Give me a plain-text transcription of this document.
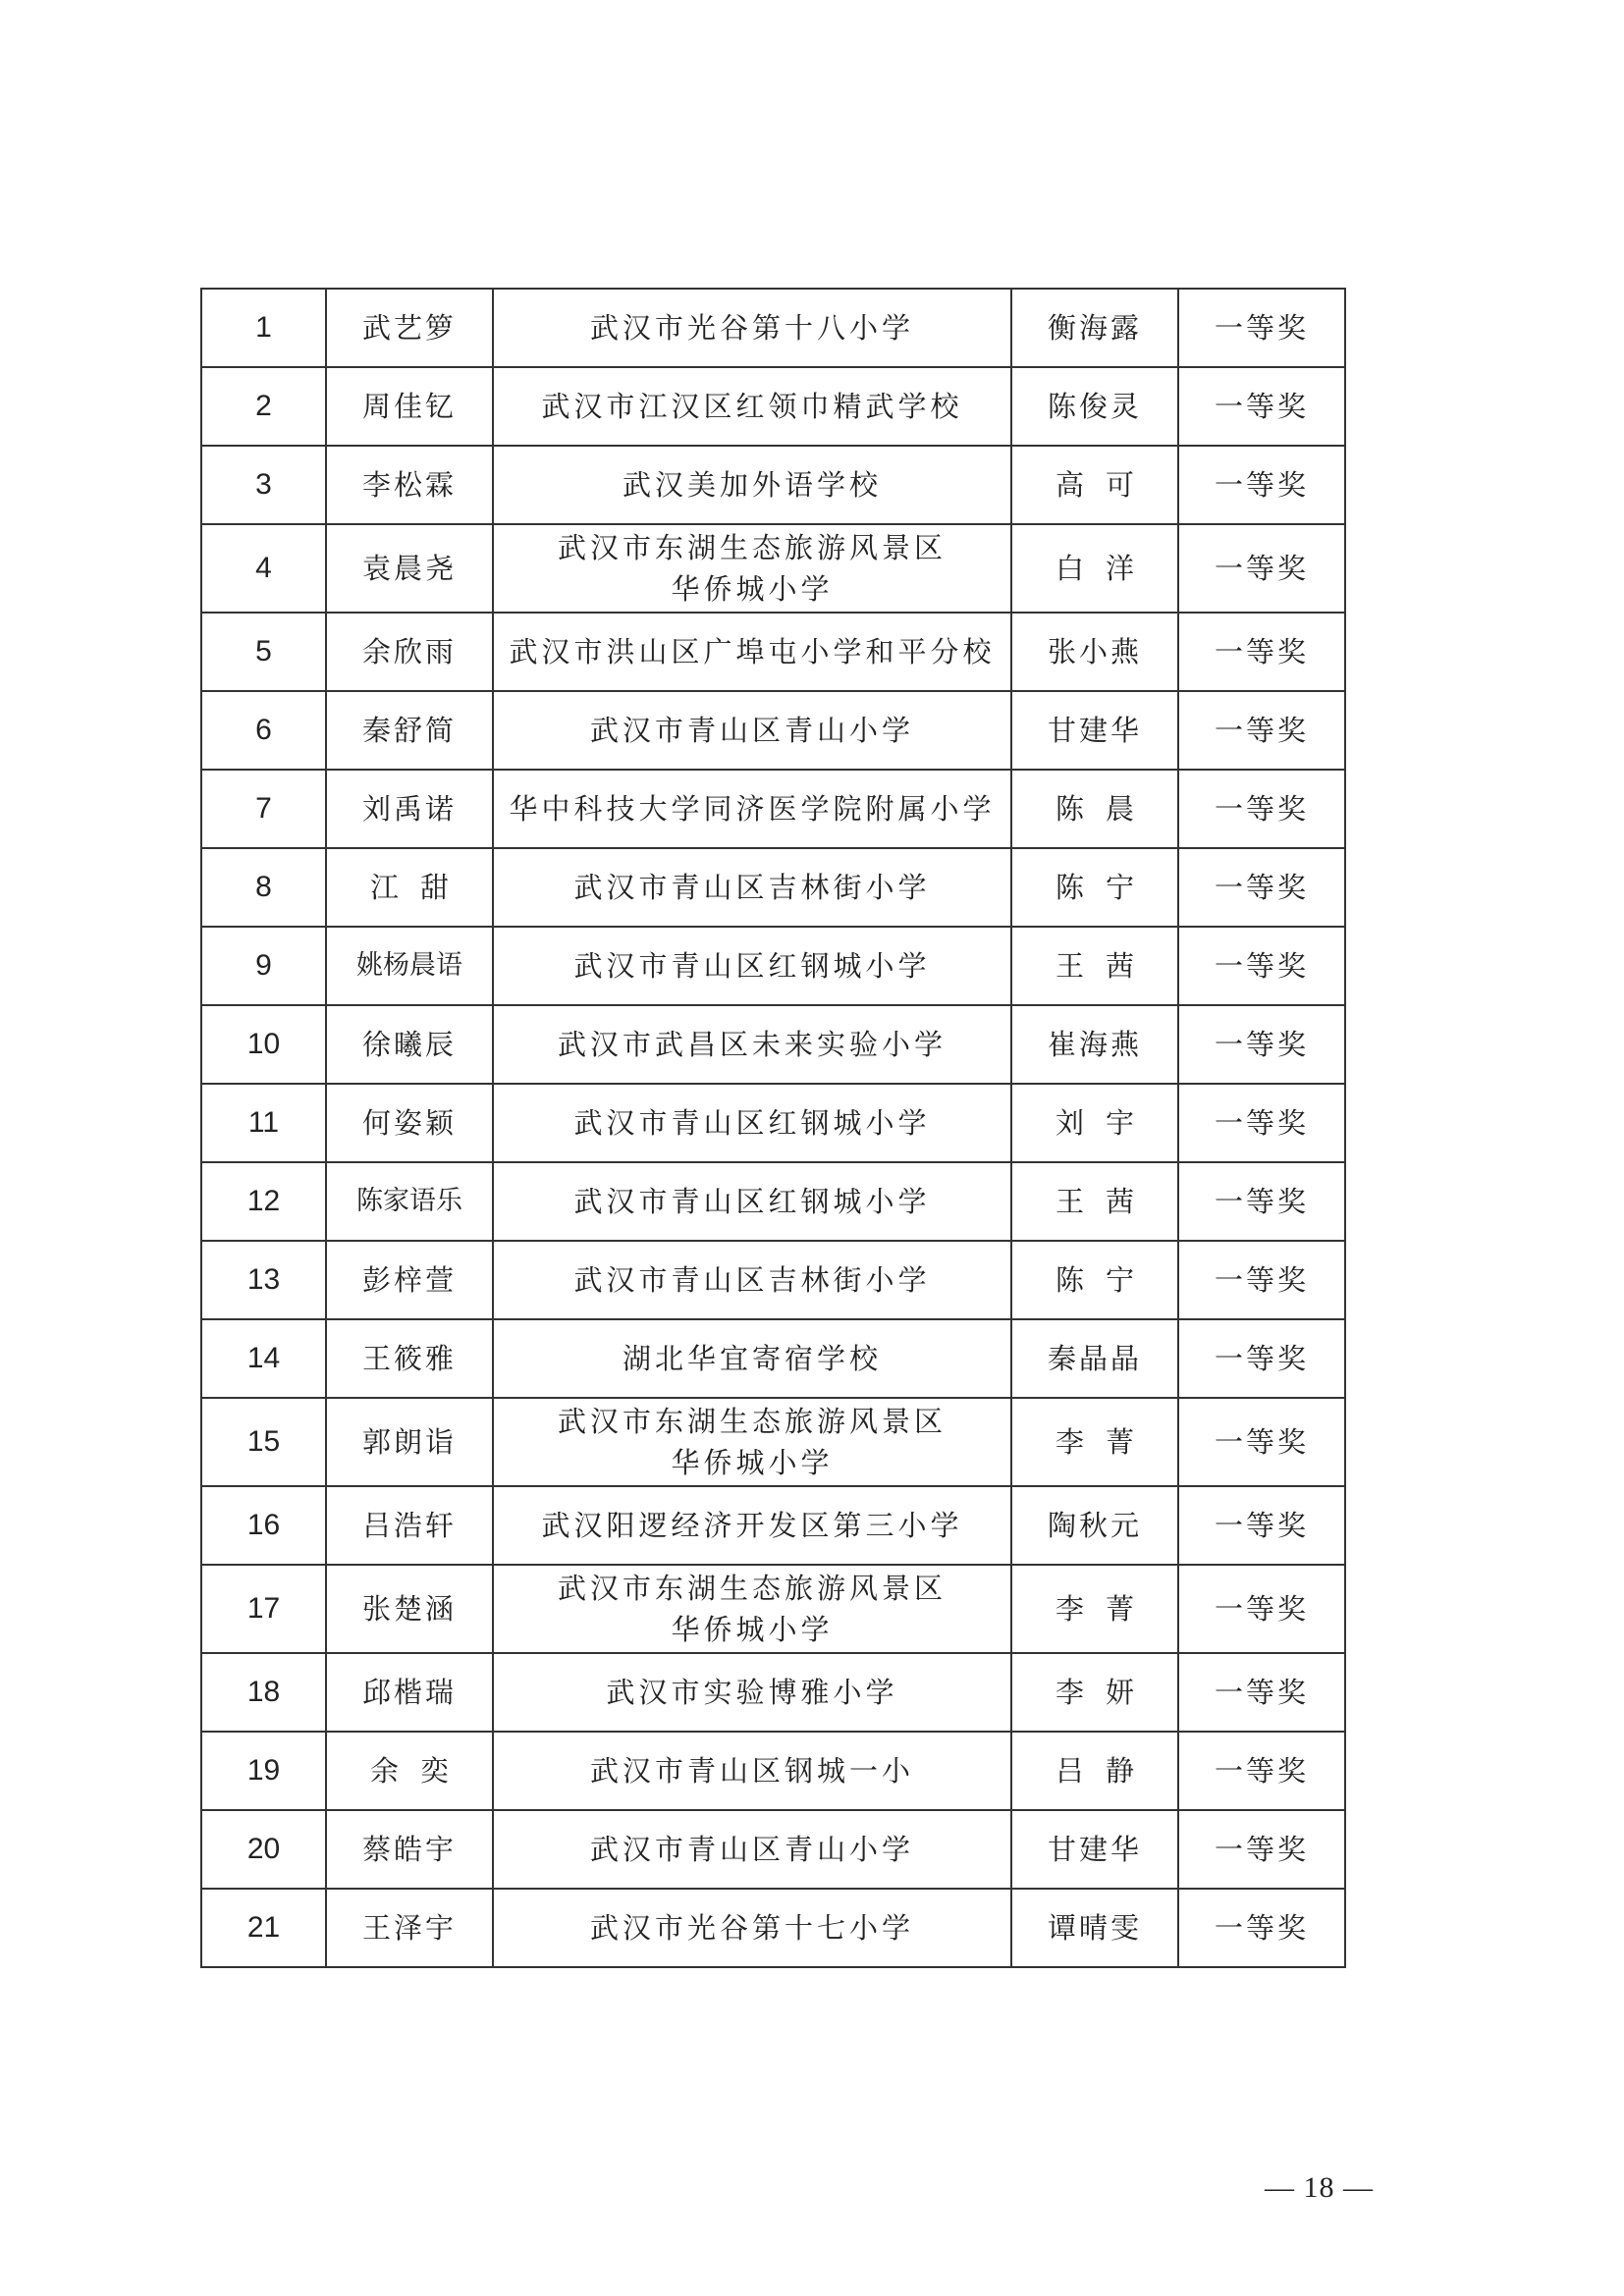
1	武艺箩	武汉市光谷第十八小学	衡海露	一等奖
2	周佳钇	武汉市江汉区红领巾精武学校	陈俊灵	一等奖
3	李松霖	武汉美加外语学校	高可	一等奖
4	袁晨尧	武汉市东湖生态旅游风景区
华侨城小学	白洋	一等奖
5	余欣雨	武汉市洪山区广埠屯小学和平分校	张小燕	一等奖
6	秦舒简	武汉市青山区青山小学	甘建华	一等奖
7	刘禹诺	华中科技大学同济医学院附属小学	陈晨	一等奖
8	江甜	武汉市青山区吉林街小学	陈宁	一等奖
9	姚杨晨语	武汉市青山区红钢城小学	王茜	一等奖
10	徐曦辰	武汉市武昌区未来实验小学	崔海燕	一等奖
11	何姿颖	武汉市青山区红钢城小学	刘宇	一等奖
12	陈家语乐	武汉市青山区红钢城小学	王茜	一等奖
13	彭梓萱	武汉市青山区吉林街小学	陈宁	一等奖
14	王筱雅	湖北华宜寄宿学校	秦晶晶	一等奖
15	郭朗诣	武汉市东湖生态旅游风景区
华侨城小学	李菁	一等奖
16	吕浩轩	武汉阳逻经济开发区第三小学	陶秋元	一等奖
17	张楚涵	武汉市东湖生态旅游风景区
华侨城小学	李菁	一等奖
18	邱楷瑞	武汉市实验博雅小学	李妍	一等奖
19	余奕	武汉市青山区钢城一小	吕静	一等奖
20	蔡皓宇	武汉市青山区青山小学	甘建华	一等奖
21	王泽宇	武汉市光谷第十七小学	谭晴雯	一等奖
— 18 —
